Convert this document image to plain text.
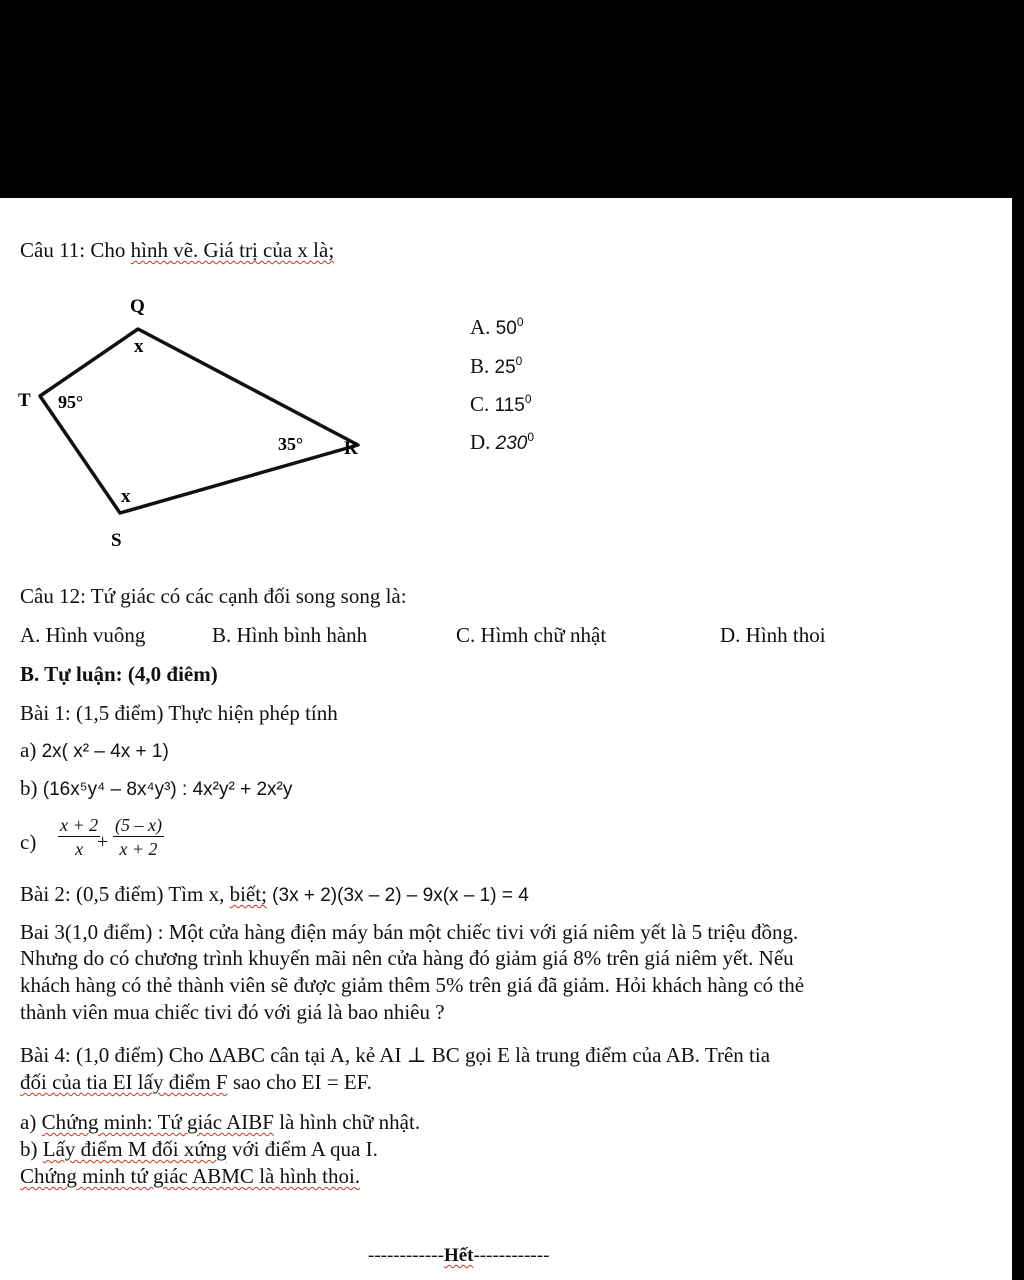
Câu 11: Cho hình vẽ. Giá trị của x là;
Q
T
R
S
x
95°
35°
x
A. $50^0$
B. $25^0$
C. $115^0$
D. $230^0$
Câu 12: Tứ giác có các cạnh đối song song là:
A. Hình vuông	B. Hình bình hành	C. Hìmh chữ nhật	D. Hình thoi
B. Tự luận: (4,0 điêm)
Bài 1: (1,5 điểm) Thực hiện phép tính
a) 2x( x² – 4x + 1)
b) (16x⁵y⁴ – 8x⁴y³) : 4x²y² + 2x²y
$c) \frac{x + 2}{x}$
+ $\frac{(5 - x)}{x + 2}$
Bài 2: (0,5 điểm) Tìm x, biết; (3x + 2)(3x – 2) – 9x(x – 1) = 4
Bai 3(1,0 điểm) : Một cửa hàng điện máy bán một chiếc tivi với giá niêm yết là 5 triệu đồng.
Nhưng do có chương trình khuyến mãi nên cửa hàng đó giảm giá 8% trên giá niêm yết. Nếu
khách hàng có thẻ thành viên sẽ được giảm thêm 5% trên giá đã giảm. Hỏi khách hàng có thẻ
thành viên mua chiếc tivi đó với giá là bao nhiêu ?
Bài 4: (1,0 điểm) Cho ∆ABC cân tại A, kẻ AI ⊥ BC gọi E là trung điểm của AB. Trên tia
đối của tia EI lấy điểm F sao cho EI = EF.
a) Chứng minh: Tứ giác AIBF là hình chữ nhật.
b) Lấy điểm M đối xứng với điểm A qua I.
Chứng minh tứ giác ABMC là hình thoi.
------------Hết------------
